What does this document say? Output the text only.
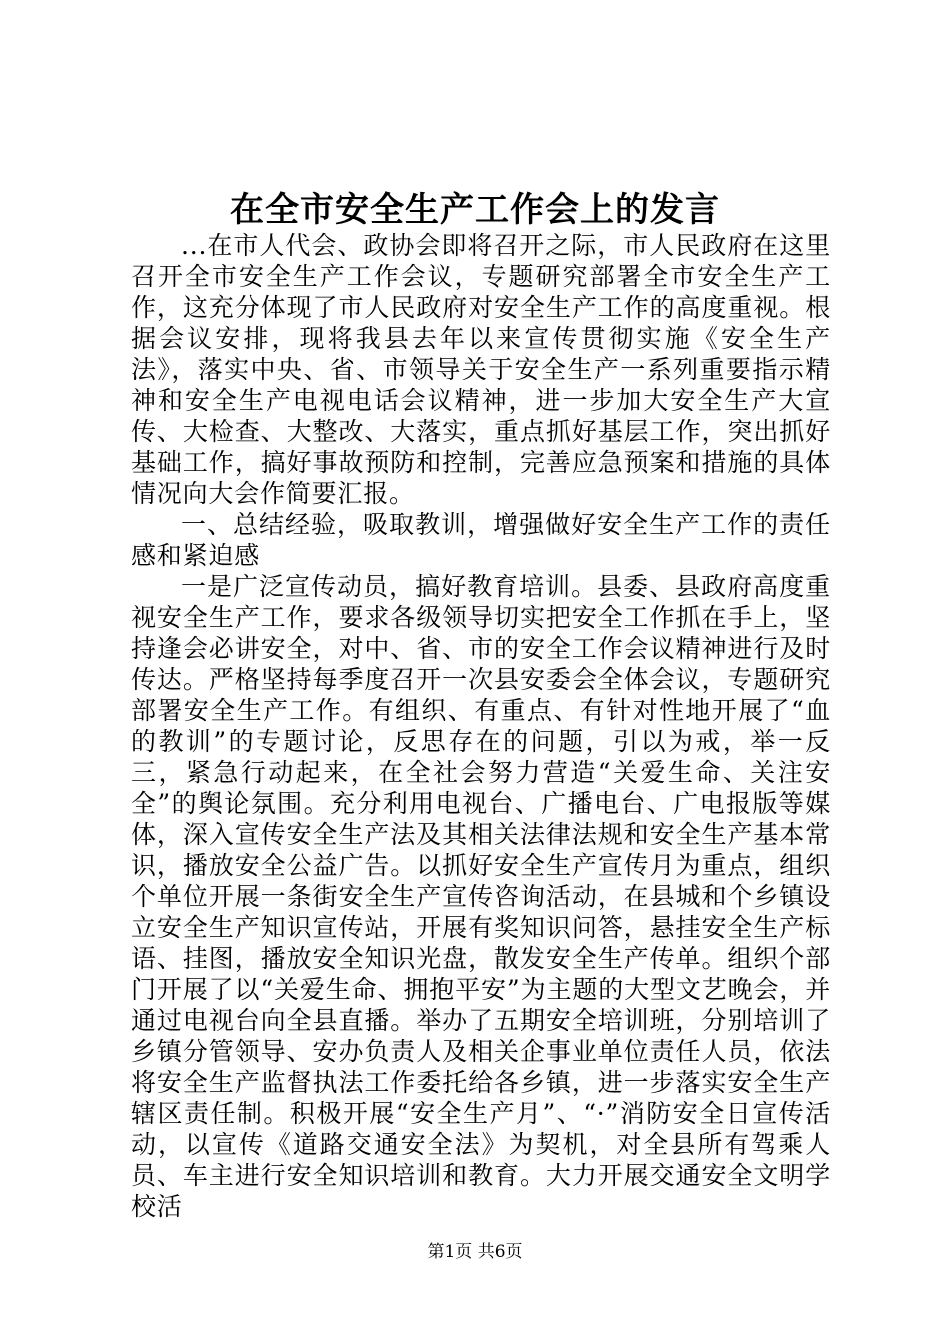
在全市安全生产工作会上的发言

...在市人代会、政协会即将召开之际，市人民政府在这里召开全市安全生产工作会议，专题研究部署全市安全生产工作，这充分体现了市人民政府对安全生产工作的高度重视。根据会议安排，现将我县去年以来宣传贯彻实施《安全生产法》，落实中央、省、市领导关于安全生产一系列重要指示精神和安全生产电视电话会议精神，进一步加大安全生产大宣传、大检查、大整改、大落实，重点抓好基层工作，突出抓好基础工作，搞好事故预防和控制，完善应急预案和措施的具体情况向大会作简要汇报。

一、总结经验，吸取教训，增强做好安全生产工作的责任感和紧迫感

一是广泛宣传动员，搞好教育培训。县委、县政府高度重视安全生产工作，要求各级领导切实把安全工作抓在手上，坚持逢会必讲安全，对中、省、市的安全工作会议精神进行及时传达。严格坚持每季度召开一次县安委会全体会议，专题研究部署安全生产工作。有组织、有重点、有针对性地开展了“血的教训”的专题讨论，反思存在的问题，引以为戒，举一反三，紧急行动起来，在全社会努力营造“关爱生命、关注安全”的舆论氛围。充分利用电视台、广播电台、广电报版等媒体，深入宣传安全生产法及其相关法律法规和安全生产基本常识，播放安全公益广告。以抓好安全生产宣传月为重点，组织个单位开展一条街安全生产宣传咨询活动，在县城和个乡镇设立安全生产知识宣传站，开展有奖知识问答，悬挂安全生产标语、挂图，播放安全知识光盘，散发安全生产传单。组织个部门开展了以“关爱生命、拥抱平安”为主题的大型文艺晚会，并通过电视台向全县直播。举办了五期安全培训班，分别培训了乡镇分管领导、安办负责人及相关企事业单位责任人员，依法将安全生产监督执法工作委托给各乡镇，进一步落实安全生产辖区责任制。积极开展“安全生产月”、“·”消防安全日宣传活动，以宣传《道路交通安全法》为契机，对全县所有驾乘人员、车主进行安全知识培训和教育。大力开展交通安全文明学校活

第1页 共6页
